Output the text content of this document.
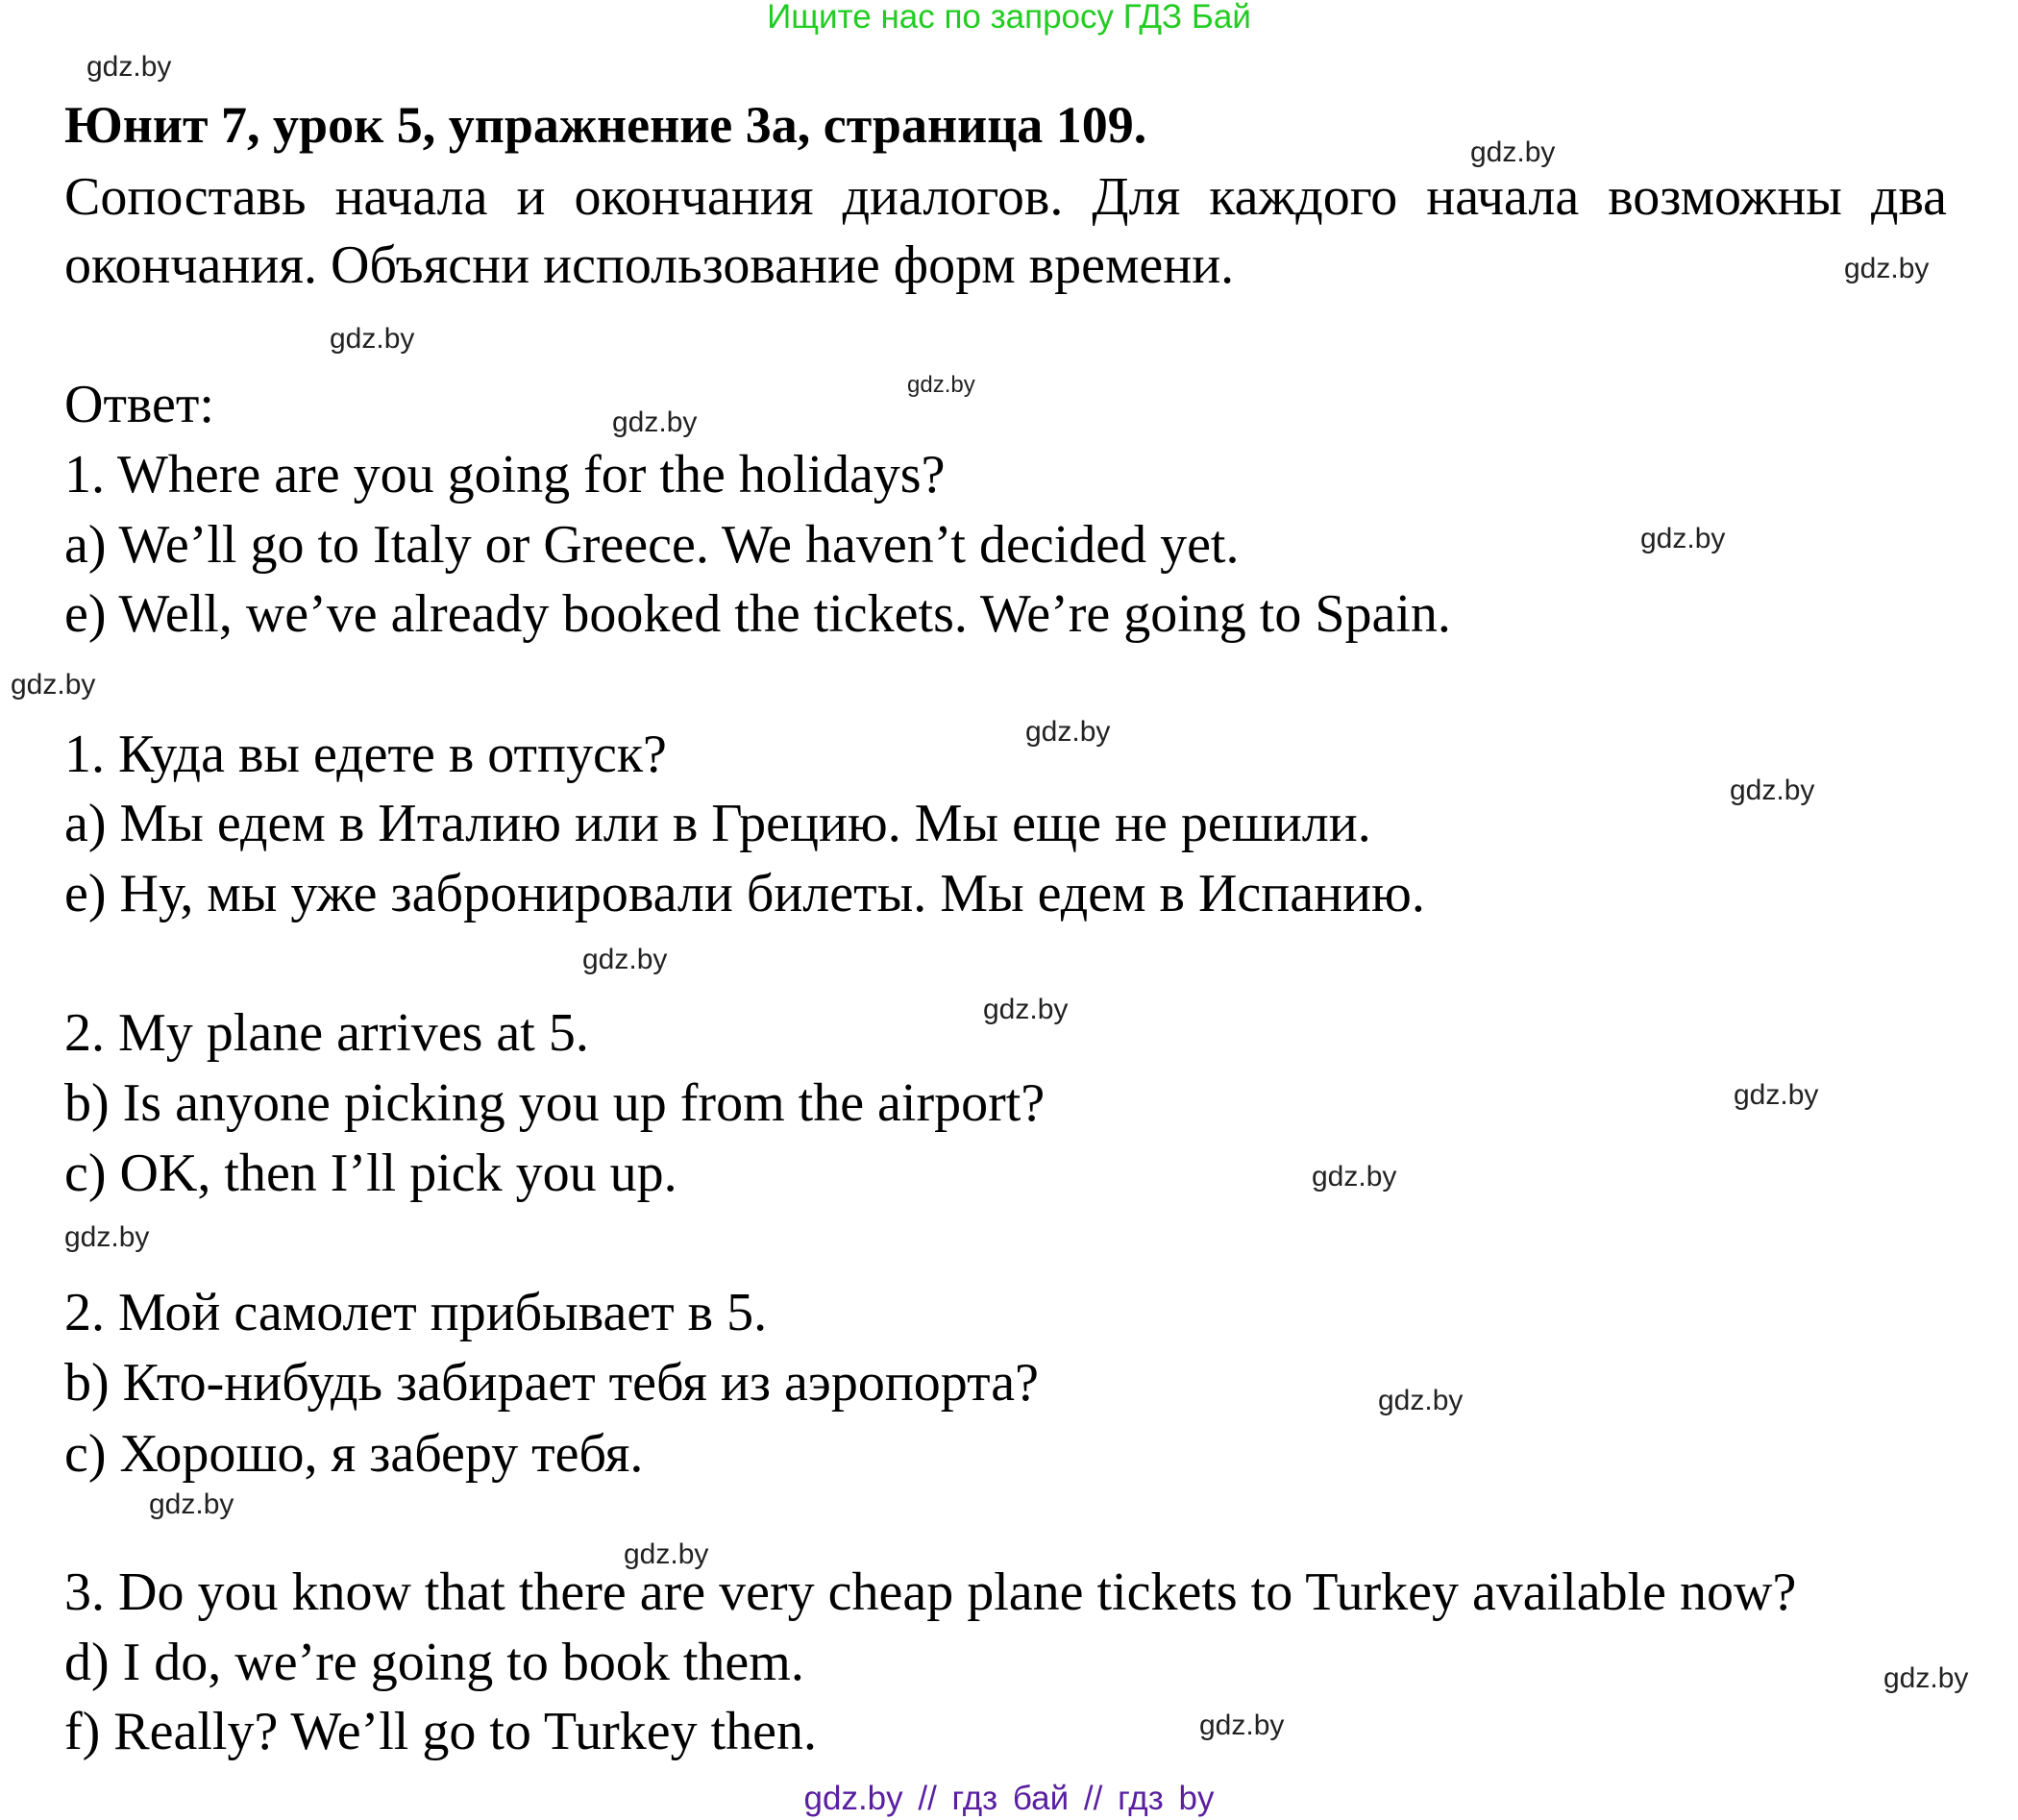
Ищите нас по запросу ГДЗ Бай
Юнит 7, урок 5, упражнение 3а, страница 109.
Сопоставь начала и окончания диалогов. Для каждого начала возможны два
окончания. Объясни использование форм времени.
Ответ:
1. Where are you going for the holidays?
a) We’ll go to Italy or Greece. We haven’t decided yet.
e) Well, we’ve already booked the tickets. We’re going to Spain.
1. Куда вы едете в отпуск?
а) Мы едем в Италию или в Грецию. Мы еще не решили.
е) Ну, мы уже забронировали билеты. Мы едем в Испанию.
2. My plane arrives at 5.
b) Is anyone picking you up from the airport?
c) OK, then I’ll pick you up.
2. Мой самолет прибывает в 5.
b) Кто-нибудь забирает тебя из аэропорта?
c) Хорошо, я заберу тебя.
3. Do you know that there are very cheap plane tickets to Turkey available now?
d) I do, we’re going to book them.
f) Really? We’ll go to Turkey then.
gdz.by
gdz.by
gdz.by
gdz.by
gdz.by
gdz.by
gdz.by
gdz.by
gdz.by
gdz.by
gdz.by
gdz.by
gdz.by
gdz.by
gdz.by
gdz.by
gdz.by
gdz.by
gdz.by
gdz.by
gdz.by // гдз бай // гдз by
